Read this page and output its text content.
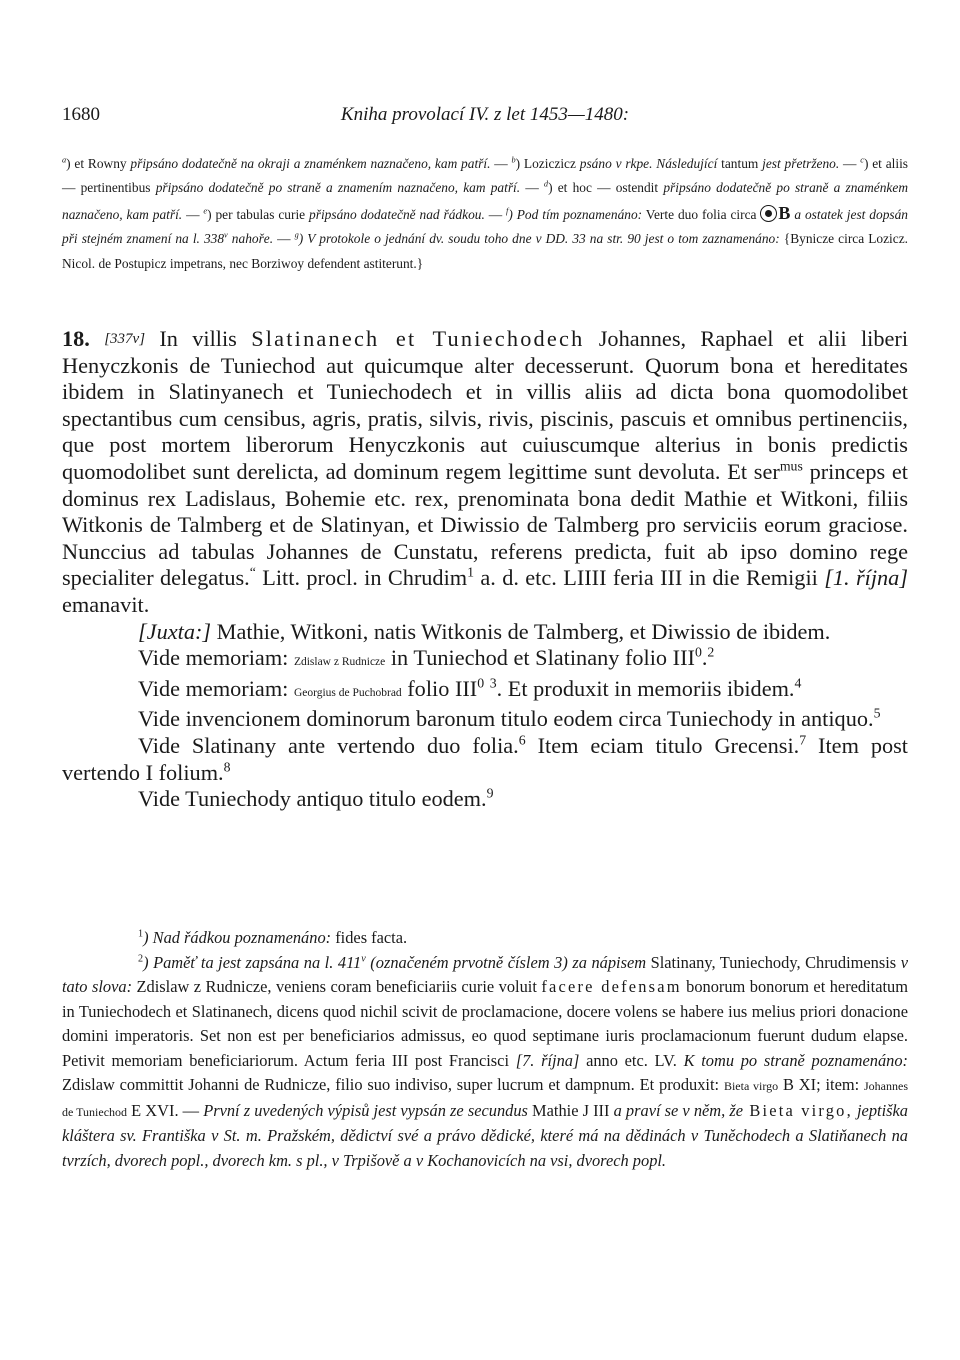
1680	Kniha provolací IV. z let 1453—1480:

$^a$) et Rowny připsáno dodatečně na okraji a znaménkem naznačeno, kam patří. — $^b$) Loziczicz psáno v rkpe. Následující tantum jest přetrženo. — $^c$) et aliis — pertinentibus připsáno dodatečně po straně a znamením naznačeno, kam patří. — $^d$) et hoc — ostendit připsáno dodatečně po straně a znaménkem naznačeno, kam patří. — $^e$) per tabulas curie připsáno dodatečně nad řádkou. — $^f$) Pod tím poznamenáno: Verte duo folia circa B a ostatek jest dopsán při stejném znamení na l. 338$^v$ nahoře. — $^g$) V protokole o jednání dv. soudu toho dne v DD. 33 na str. 90 jest o tom zaznamenáno: {Bynicze circa Lozicz. Nicol. de Postupicz impetrans, nec Borziwoy defendent astiterunt.}

18. [337v] In villis Slatinanech et Tuniechodech Johannes, Raphael et alii liberi Henyczkonis de Tuniechod aut quicumque alter decesserunt. Quorum bona et hereditates ibidem in Slatinyanech et Tuniechodech et in villis aliis ad dicta bona quomodolibet spectantibus cum censibus, agris, pratis, silvis, rivis, piscinis, pascuis et omnibus pertinenciis, que post mortem liberorum Henyczkonis aut cuiuscumque alterius in bonis predictis quomodolibet sunt derelicta, ad dominum regem legittime sunt devoluta. Et ser$^{mus}$ princeps et dominus rex Ladislaus, Bohemie etc. rex, prenominata bona dedit Mathie et Witkoni, filiis Witkonis de Talmberg et de Slatinyan, et Diwissio de Talmberg pro serviciis eorum graciose. Nunccius ad tabulas Johannes de Cunstatu, referens predicta, fuit ab ipso domino rege specialiter delegatus.“ Litt. procl. in Chrudim$^1$ a. d. etc. LIIII feria III in die Remigii [1. října] emanavit.

[Juxta:] Mathie, Witkoni, natis Witkonis de Talmberg, et Diwissio de ibidem.

Vide memoriam: Zdislaw z Rudnicze in Tuniechod et Slatinany folio III$^0$.$^2$

Vide memoriam: Georgius de Puchobrad folio III$^0$ $^3$. Et produxit in memoriis ibidem.$^4$

Vide invencionem dominorum baronum titulo eodem circa Tuniechody in antiquo.$^5$

Vide Slatinany ante vertendo duo folia.$^6$ Item eciam titulo Grecensi.$^7$ Item post vertendo I folium.$^8$

Vide Tuniechody antiquo titulo eodem.$^9$

$^1$) Nad řádkou poznamenáno: fides facta.

$^2$) Paměť ta jest zapsána na l. 411$^v$ (označeném prvotně číslem 3) za nápisem Slatinany, Tuniechody, Chrudimensis v tato slova: Zdislaw z Rudnicze, veniens coram beneficiariis curie voluit facere defensam bonorum bonorum et hereditatum in Tuniechodech et Slatinanech, dicens quod nichil scivit de proclamacione, docere volens se habere ius melius priori donacione domini imperatoris. Set non est per beneficiarios admissus, eo quod septimane iuris proclamacionum fuerunt dudum elapse. Petivit memoriam beneficiariorum. Actum feria III post Francisci [7. října] anno etc. LV. K tomu po straně poznamenáno: Zdislaw committit Johanni de Rudnicze, filio suo indiviso, super lucrum et dampnum. Et produxit: Bieta virgo B XI; item: Johannes de Tuniechod E XVI. — První z uvedených výpisů jest vypsán ze secundus Mathie J III a praví se v něm, že Bieta virgo, jeptiška kláštera sv. Františka v St. m. Pražském, dědictví své a právo dědické, které má na dědinách v Tuněchodech a Slatiňanech na tvrzích, dvorech popl., dvorech km. s pl., v Trpišově a v Kochanovicích na vsi, dvorech popl.
